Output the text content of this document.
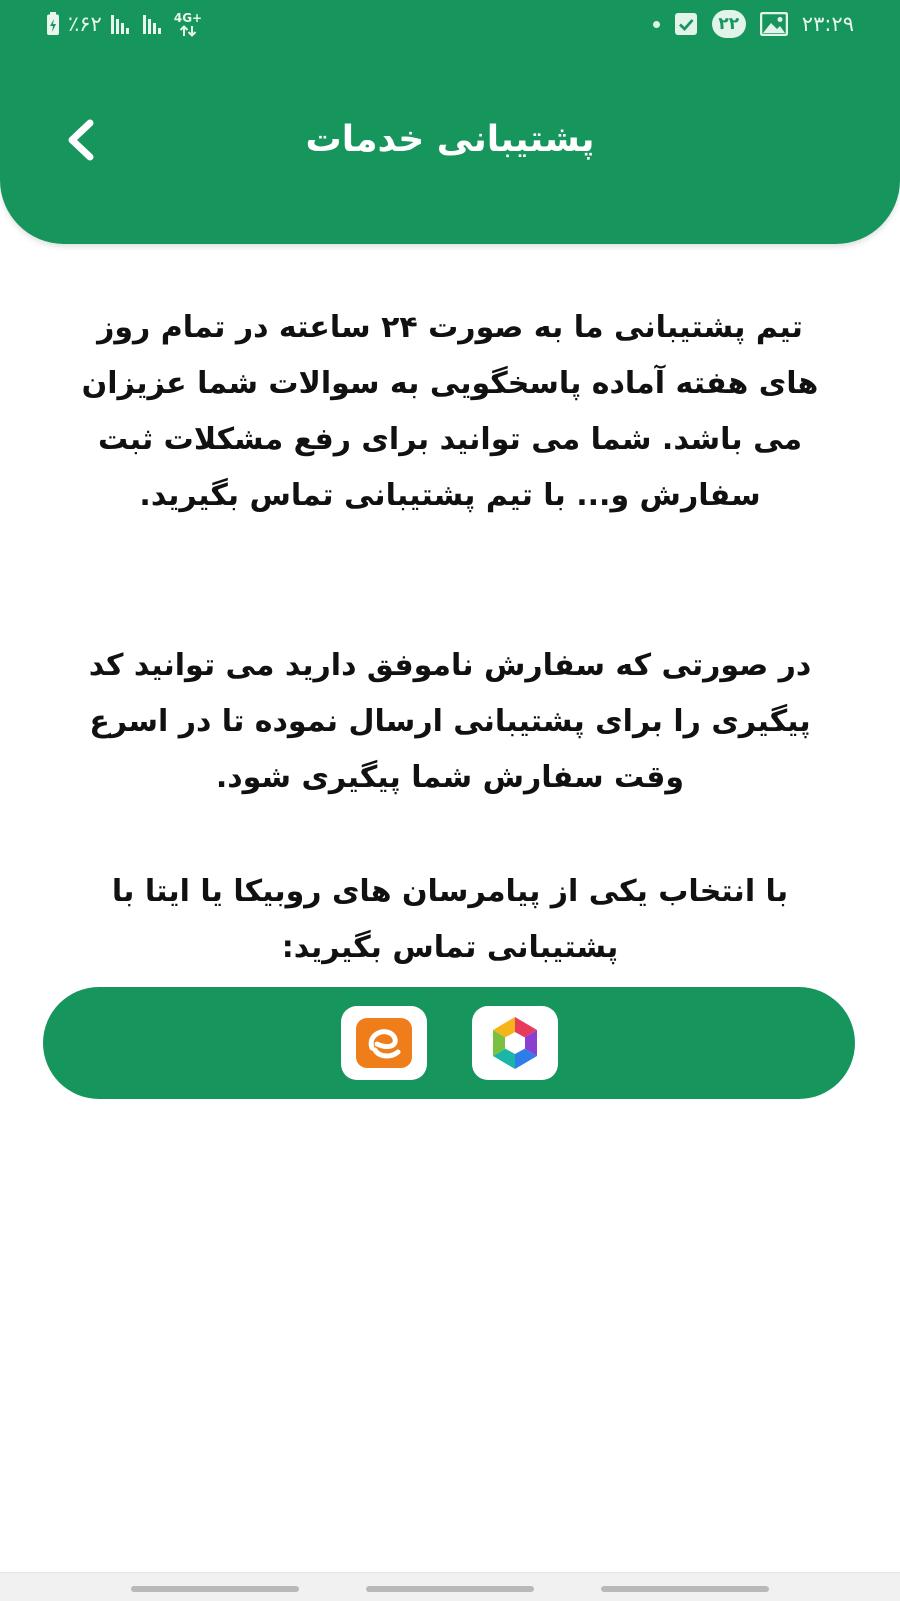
٪۶۲	4G+	۲۲	۲۳:۲۹
پشتیبانی خدمات

تیم پشتیبانی ما به صورت ۲۴ ساعته در تمام روز های هفته آماده پاسخگویی به سوالات شما عزیزان می باشد. شما می توانید برای رفع مشکلات ثبت سفارش و... با تیم پشتیبانی تماس بگیرید.

در صورتی که سفارش ناموفق دارید می توانید کد پیگیری را برای پشتیبانی ارسال نموده تا در اسرع وقت سفارش شما پیگیری شود.

با انتخاب یکی از پیامرسان های روبیکا یا ایتا با پشتیبانی تماس بگیرید:
